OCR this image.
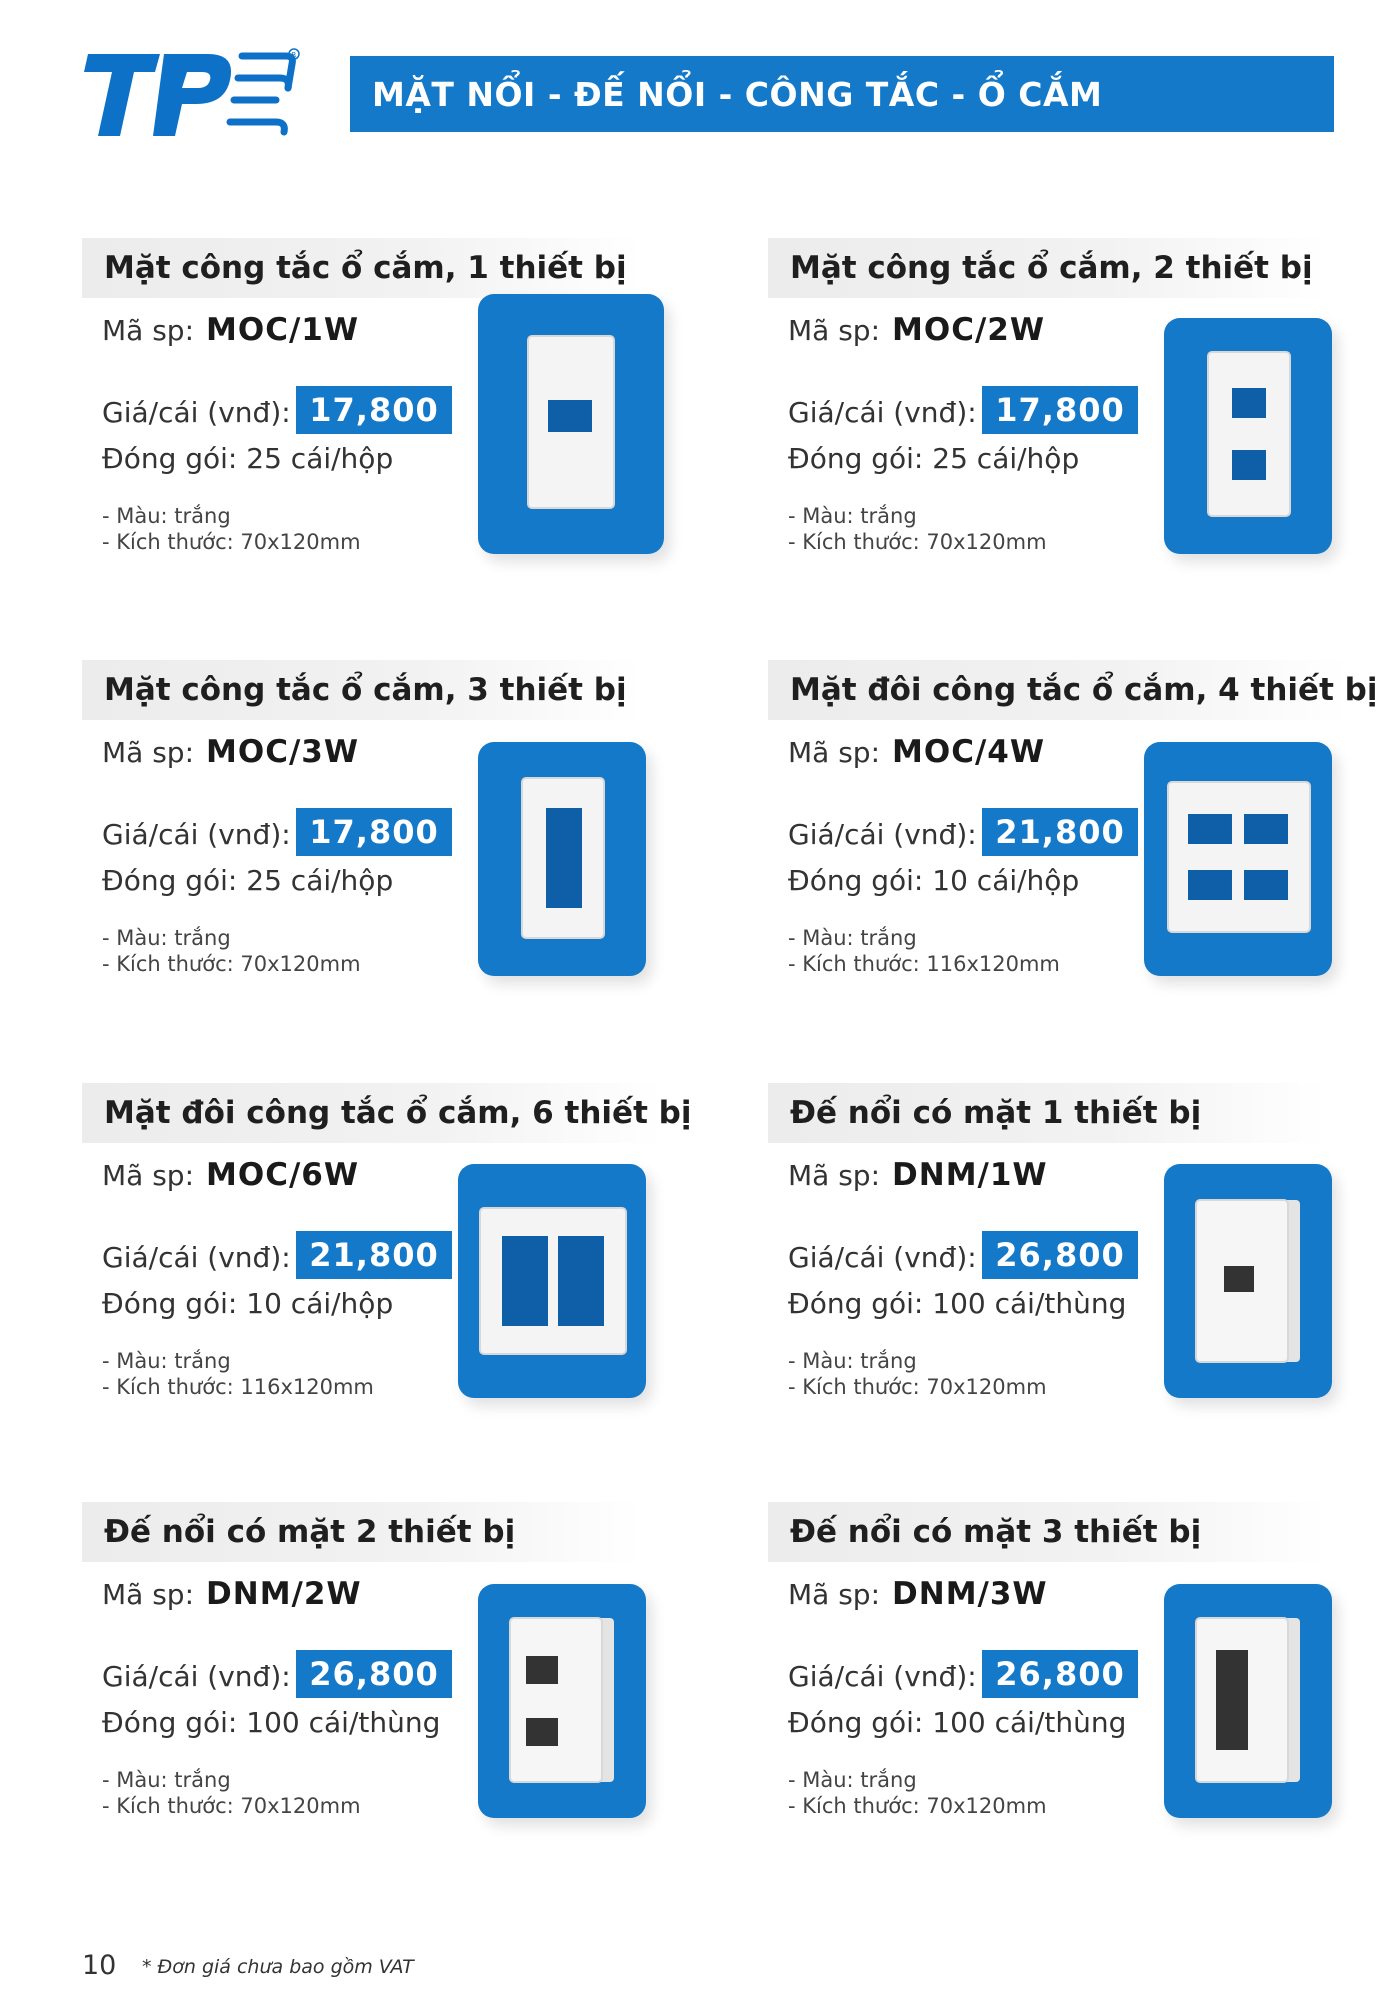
R
MẶT NỔI - ĐẾ NỔI - CÔNG TẮC - Ổ CẮM
Mặt công tắc ổ cắm, 1 thiết bị
Mã sp: MOC/1W
Giá/cái (vnđ): 17,800
Đóng gói: 25 cái/hộp
- Màu: trắng
- Kích thước: 70x120mm
Mặt công tắc ổ cắm, 2 thiết bị
Mã sp: MOC/2W
Giá/cái (vnđ): 17,800
Đóng gói: 25 cái/hộp
- Màu: trắng
- Kích thước: 70x120mm
Mặt công tắc ổ cắm, 3 thiết bị
Mã sp: MOC/3W
Giá/cái (vnđ): 17,800
Đóng gói: 25 cái/hộp
- Màu: trắng
- Kích thước: 70x120mm
Mặt đôi công tắc ổ cắm, 4 thiết bị
Mã sp: MOC/4W
Giá/cái (vnđ): 21,800
Đóng gói: 10 cái/hộp
- Màu: trắng
- Kích thước: 116x120mm
Mặt đôi công tắc ổ cắm, 6 thiết bị
Mã sp: MOC/6W
Giá/cái (vnđ): 21,800
Đóng gói: 10 cái/hộp
- Màu: trắng
- Kích thước: 116x120mm
Đế nổi có mặt 1 thiết bị
Mã sp: DNM/1W
Giá/cái (vnđ): 26,800
Đóng gói: 100 cái/thùng
- Màu: trắng
- Kích thước: 70x120mm
Đế nổi có mặt 2 thiết bị
Mã sp: DNM/2W
Giá/cái (vnđ): 26,800
Đóng gói: 100 cái/thùng
- Màu: trắng
- Kích thước: 70x120mm
Đế nổi có mặt 3 thiết bị
Mã sp: DNM/3W
Giá/cái (vnđ): 26,800
Đóng gói: 100 cái/thùng
- Màu: trắng
- Kích thước: 70x120mm
10 * Đơn giá chưa bao gồm VAT
